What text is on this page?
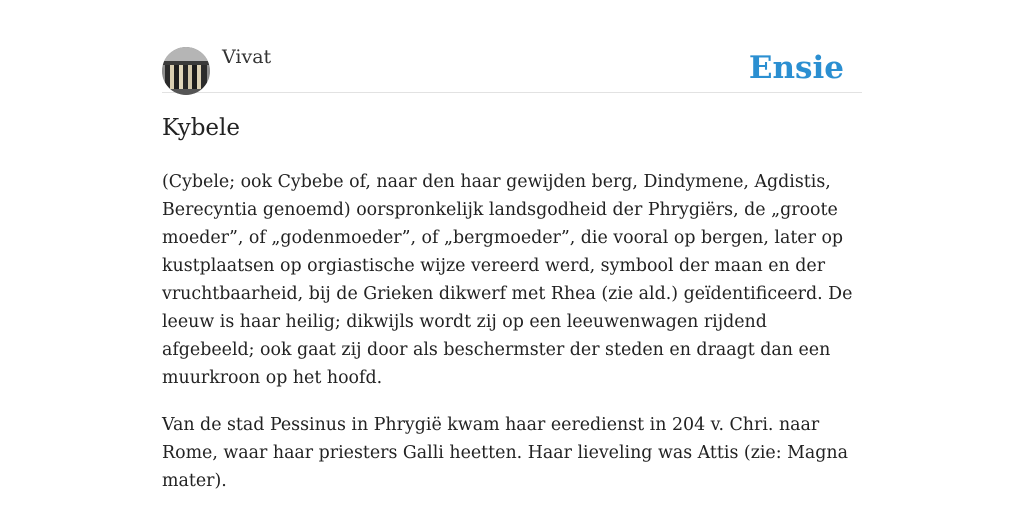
Vivat	Ensie
Kybele

(Cybele; ook Cybebe of, naar den haar gewijden berg, Dindymene, Agdistis, Berecyntia genoemd) oorspronkelijk landsgodheid der Phrygiërs, de „groote moeder”, of „godenmoeder”, of „bergmoeder”, die vooral op bergen, later op kustplaatsen op orgiastische wijze vereerd werd, symbool der maan en der vruchtbaarheid, bij de Grieken dikwerf met Rhea (zie ald.) geïdentificeerd. De leeuw is haar heilig; dikwijls wordt zij op een leeuwenwagen rijdend afgebeeld; ook gaat zij door als beschermster der steden en draagt dan een muurkroon op het hoofd.

Van de stad Pessinus in Phrygië kwam haar eeredienst in 204 v. Chri. naar Rome, waar haar priesters Galli heetten. Haar lieveling was Attis (zie: Magna mater).
